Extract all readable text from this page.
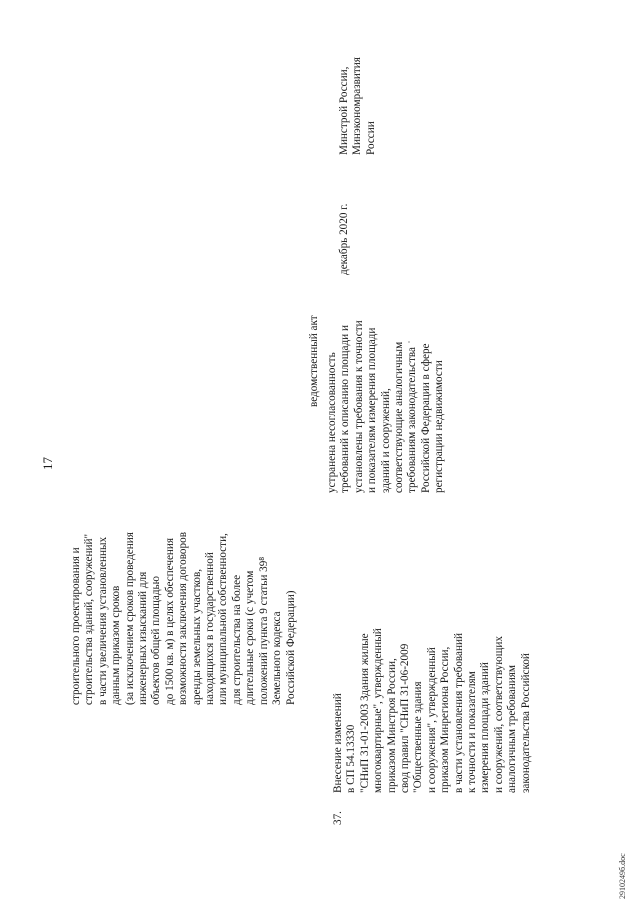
17
строительного проектирования и
строительства зданий, сооружений"
в части увеличения установленных
данным приказом сроков
(за исключением сроков проведения
инженерных изысканий для
объектов общей площадью
до 1500 кв. м) в целях обеспечения
возможности заключения договоров
аренды земельных участков,
находящихся в государственной
или муниципальной собственности,
для строительства на более
длительные сроки (с учетом
положений пункта 9 статьи 39⁸
Земельного кодекса
Российской Федерации)
37.
Внесение изменений
в СП 54.13330
"СНиП 31-01-2003 Здания жилые
многоквартирные", утвержденный
приказом Минстроя России,
свод правил "СНиП 31-06-2009
"Общественные здания
и сооружения", утвержденный
приказом Минрегиона России,
в части установления требований
к точности и показателям
измерения площади зданий
и сооружений, соответствующих
аналогичным требованиям
законодательства Российской
ведомственный акт
устранена несогласованность
требований к описанию площади и
установлены требования к точности
и показателям измерения площади
зданий и сооружений,
соответствующие аналогичным
требованиям законодательства
Российской Федерации в сфере
регистрации недвижимости
декабрь 2020 г.
Минстрой России,
Минэкономразвития
России
2910249б.doc
